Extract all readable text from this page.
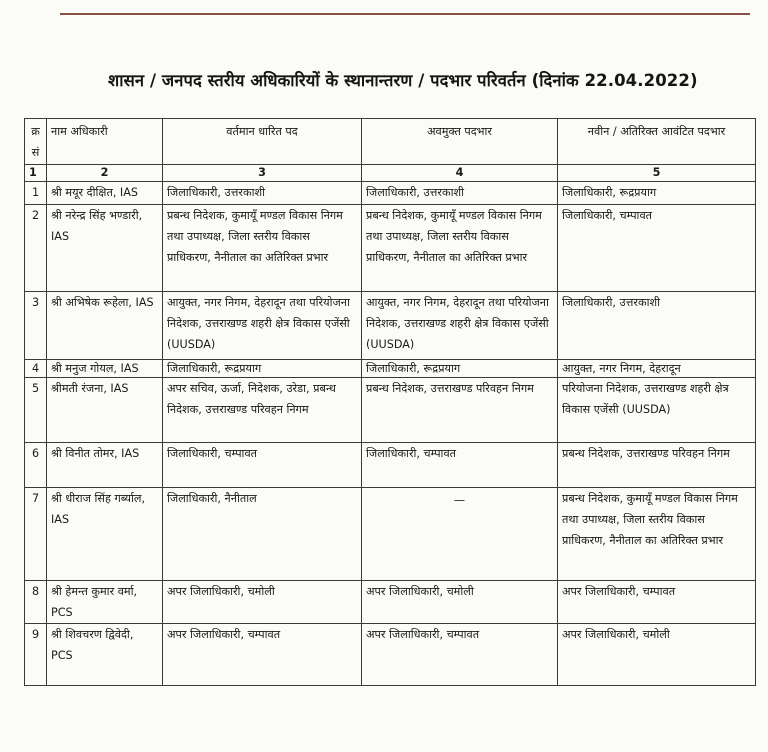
शासन / जनपद स्तरीय अधिकारियों के स्थानान्तरण / पदभार परिवर्तन (दिनांक 22.04.2022)
क्र सं	नाम अधिकारी	वर्तमान धारित पद	अवमुक्त पदभार	नवीन / अतिरिक्त आवंटित पदभार
1	2	3	4	5
1	श्री मयूर दीक्षित, IAS	जिलाधिकारी, उत्तरकाशी	जिलाधिकारी, उत्तरकाशी	जिलाधिकारी, रूद्रप्रयाग
2	श्री नरेन्द्र सिंह भण्डारी, IAS	प्रबन्ध निदेशक, कुमायूँ मण्डल विकास निगम तथा उपाध्यक्ष, जिला स्तरीय विकास प्राधिकरण, नैनीताल का अतिरिक्त प्रभार	प्रबन्ध निदेशक, कुमायूँ मण्डल विकास निगम तथा उपाध्यक्ष, जिला स्तरीय विकास प्राधिकरण, नैनीताल का अतिरिक्त प्रभार	जिलाधिकारी, चम्पावत
3	श्री अभिषेक रूहेला, IAS	आयुक्त, नगर निगम, देहरादून तथा परियोजना निदेशक, उत्तराखण्ड शहरी क्षेत्र विकास एजेंसी (UUSDA)	आयुक्त, नगर निगम, देहरादून तथा परियोजना निदेशक, उत्तराखण्ड शहरी क्षेत्र विकास एजेंसी (UUSDA)	जिलाधिकारी, उत्तरकाशी
4	श्री मनुज गोयल, IAS	जिलाधिकारी, रूद्रप्रयाग	जिलाधिकारी, रूद्रप्रयाग	आयुक्त, नगर निगम, देहरादून
5	श्रीमती रंजना, IAS	अपर सचिव, ऊर्जा, निदेशक, उरेडा, प्रबन्ध निदेशक, उत्तराखण्ड परिवहन निगम	प्रबन्ध निदेशक, उत्तराखण्ड परिवहन निगम	परियोजना निदेशक, उत्तराखण्ड शहरी क्षेत्र विकास एजेंसी (UUSDA)
6	श्री विनीत तोमर, IAS	जिलाधिकारी, चम्पावत	जिलाधिकारी, चम्पावत	प्रबन्ध निदेशक, उत्तराखण्ड परिवहन निगम
7	श्री धीराज सिंह गर्ब्याल, IAS	जिलाधिकारी, नैनीताल	—	प्रबन्ध निदेशक, कुमायूँ मण्डल विकास निगम तथा उपाध्यक्ष, जिला स्तरीय विकास प्राधिकरण, नैनीताल का अतिरिक्त प्रभार
8	श्री हेमन्त कुमार वर्मा, PCS	अपर जिलाधिकारी, चमोली	अपर जिलाधिकारी, चमोली	अपर जिलाधिकारी, चम्पावत
9	श्री शिवचरण द्विवेदी, PCS	अपर जिलाधिकारी, चम्पावत	अपर जिलाधिकारी, चम्पावत	अपर जिलाधिकारी, चमोली
